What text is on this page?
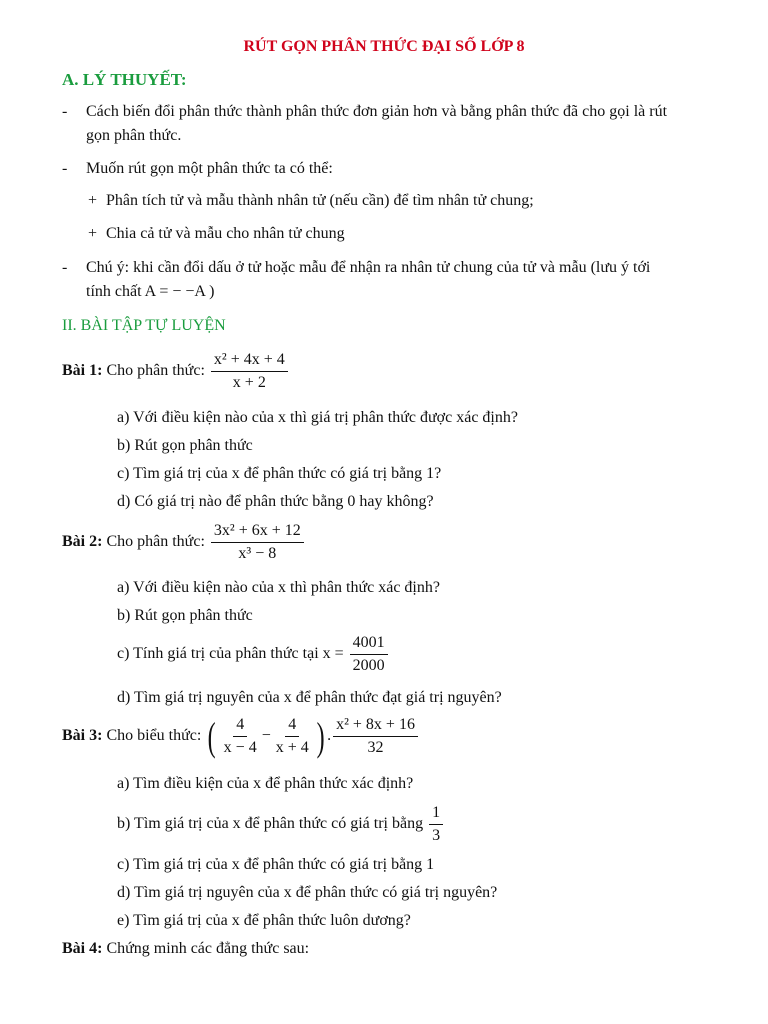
RÚT GỌN PHÂN THỨC ĐẠI SỐ LỚP 8
A. LÝ THUYẾT:
- Cách biến đổi phân thức thành phân thức đơn giản hơn và bằng phân thức đã cho gọi là rút
gọn phân thức.
- Muốn rút gọn một phân thức ta có thể:
+ Phân tích tử và mẫu thành nhân tử (nếu cần) để tìm nhân tử chung;
+ Chia cả tử và mẫu cho nhân tử chung
- Chú ý: khi cần đổi dấu ở tử hoặc mẫu để nhận ra nhân tử chung của tử và mẫu (lưu ý tới
tính chất A = − −A )
II. BÀI TẬP TỰ LUYỆN
Bài 1: Cho phân thức: $\frac{\text{x² + 4x + 4}}{x + 2}$
a) Với điều kiện nào của x thì giá trị phân thức được xác định?
b) Rút gọn phân thức
c) Tìm giá trị của x để phân thức có giá trị bằng 1?
d) Có giá trị nào để phân thức bằng 0 hay không?
Bài 2: Cho phân thức: $\frac{\text{3x² + 6x + 12}}{\text{x³ − 8}}$
a) Với điều kiện nào của x thì phân thức xác định?
b) Rút gọn phân thức
c) Tính giá trị của phân thức tại $x = \frac{4001}{2000}$
d) Tìm giá trị nguyên của x để phân thức đạt giá trị nguyên?
Bài 3: Cho biểu thức: ( $\frac{4}{x - 4} - \frac{4}{x + 4}$ ) . $\frac{\text{x² + 8x + 16}}{32}$
a) Tìm điều kiện của x để phân thức xác định?
b) Tìm giá trị của x để phân thức có giá trị bằng $\frac{1}{3}$
c) Tìm giá trị của x để phân thức có giá trị bằng 1
d) Tìm giá trị nguyên của x để phân thức có giá trị nguyên?
e) Tìm giá trị của x để phân thức luôn dương?
Bài 4: Chứng minh các đẳng thức sau:
